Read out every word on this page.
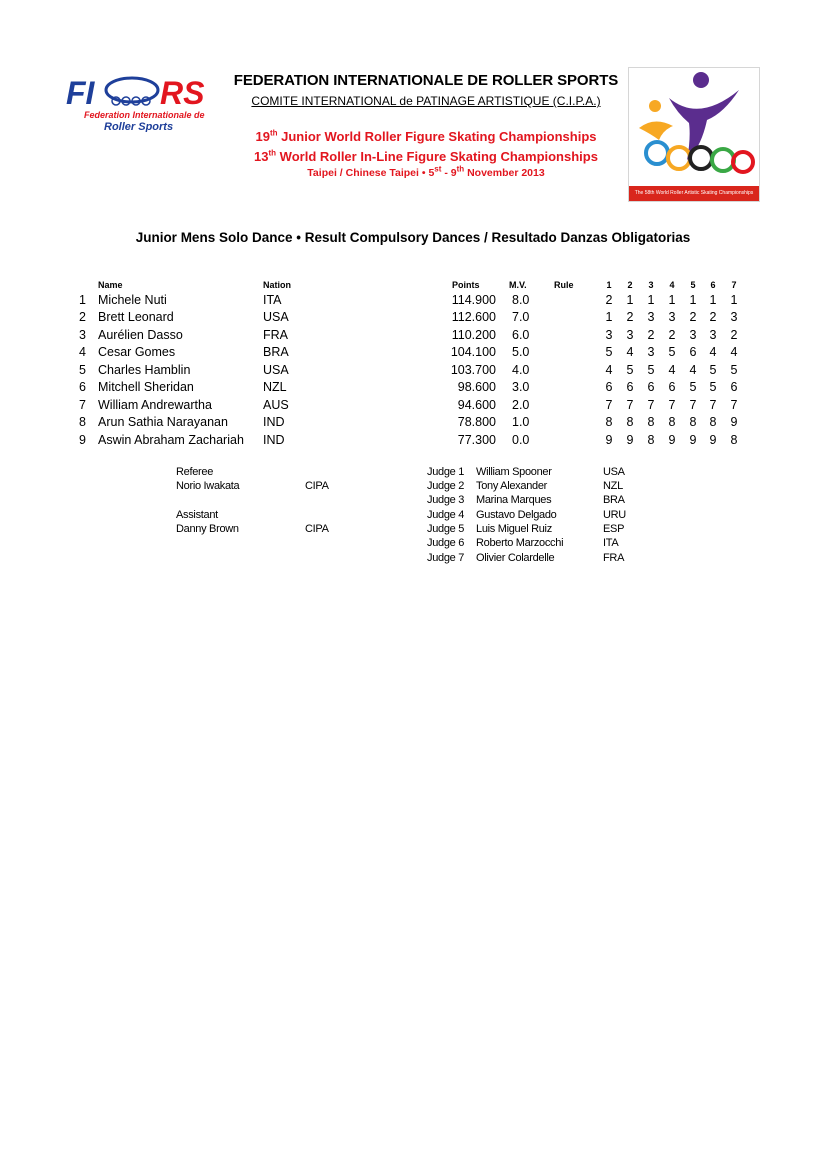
FI RS
Federation Internationale de
Roller Sports
FEDERATION INTERNATIONALE DE ROLLER SPORTS
COMITE INTERNATIONAL de PATINAGE ARTISTIQUE (C.I.P.A.)
19th Junior World Roller Figure Skating Championships
13th World Roller In-Line Figure Skating Championships
Taipei / Chinese Taipei • 5st - 9th November 2013
The 58th World Roller Artistic Skating Championships
Junior Mens Solo Dance • Result Compulsory Dances / Resultado Danzas Obligatorias
Name	Nation	Points	M.V.	Rule	1	2	3	4	5	6	7
1 Michele Nuti	ITA	114.900 8.0	2 1 1 1 1 1 1
2 Brett Leonard	USA	112.600 7.0	1 2 3 3 2 2 3
3 Aurélien Dasso	FRA	110.200 6.0	3 3 2 2 3 3 2
4 Cesar Gomes	BRA	104.100 5.0	5 4 3 5 6 4 4
5 Charles Hamblin	USA	103.700 4.0	4 5 5 4 4 5 5
6 Mitchell Sheridan	NZL	98.600 3.0	6 6 6 6 5 5 6
7 William Andrewartha	AUS	94.600 2.0	7 7 7 7 7 7 7
8 Arun Sathia Narayanan	IND	78.800 1.0	8 8 8 8 8 8 9
9 Aswin Abraham Zachariah IND	77.300 0.0	9 9 8 9 9 9 8
Referee
Norio Iwakata	CIPA
Assistant
Danny Brown	CIPA
Judge 1 William Spooner	USA
Judge 2 Tony Alexander	NZL
Judge 3 Marina Marques	BRA
Judge 4 Gustavo Delgado	URU
Judge 5 Luis Miguel Ruiz	ESP
Judge 6 Roberto Marzocchi	ITA
Judge 7 Olivier Colardelle	FRA
